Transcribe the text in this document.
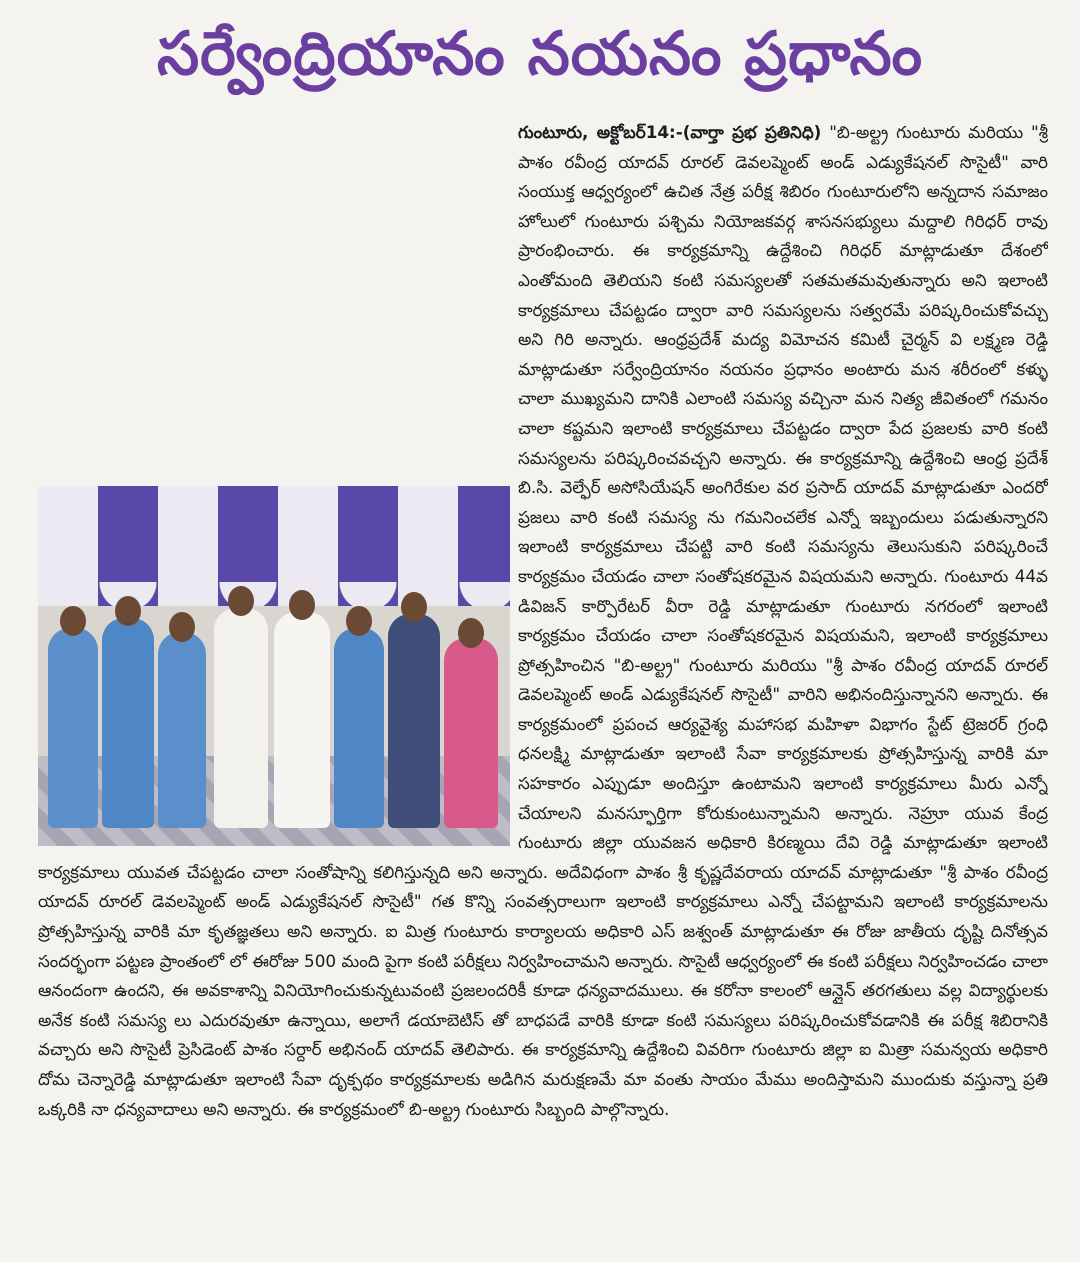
సర్వేంద్రియానం నయనం ప్రధానం
గుంటూరు, అక్టోబర్14:-(వార్తా ప్రభ ప్రతినిధి) "బి-అల్ట్ర గుంటూరు మరియు "శ్రీ పాశం రవీంద్ర యాదవ్ రూరల్ డెవలప్మెంట్ అండ్ ఎడ్యుకేషనల్ సొసైటీ" వారి సంయుక్త ఆధ్వర్యంలో ఉచిత నేత్ర పరీక్ష శిబిరం గుంటూరులోని అన్నదాన సమాజం హోలులో గుంటూరు పశ్చిమ నియోజకవర్గ శాసనసభ్యులు మద్దాలి గిరిధర్ రావు ప్రారంభించారు. ఈ కార్యక్రమాన్ని ఉద్దేశించి గిరిధర్ మాట్లాడుతూ దేశంలో ఎంతోమంది తెలియని కంటి సమస్యలతో సతమతమవుతున్నారు అని ఇలాంటి కార్యక్రమాలు చేపట్టడం ద్వారా వారి సమస్యలను సత్వరమే పరిష్కరించుకోవచ్చు అని గిరి అన్నారు. ఆంధ్రప్రదేశ్ మద్య విమోచన కమిటీ చైర్మన్ వి లక్ష్మణ రెడ్డి మాట్లాడుతూ సర్వేంద్రియానం నయనం ప్రధానం అంటారు మన శరీరంలో కళ్ళు చాలా ముఖ్యమని దానికి ఎలాంటి సమస్య వచ్చినా మన నిత్య జీవితంలో గమనం చాలా కష్టమని ఇలాంటి కార్యక్రమాలు చేపట్టడం ద్వారా పేద ప్రజలకు వారి కంటి సమస్యలను పరిష్కరించవచ్చని అన్నారు. ఈ కార్యక్రమాన్ని ఉద్దేశించి ఆంధ్ర ప్రదేశ్ బి.సి. వెల్ఫేర్ అసోసియేషన్ అంగిరేకుల వర ప్రసాద్ యాదవ్ మాట్లాడుతూ ఎందరో ప్రజలు వారి కంటి సమస్య ను గమనించలేక ఎన్నో ఇబ్బందులు పడుతున్నారని ఇలాంటి కార్యక్రమాలు చేపట్టి వారి కంటి సమస్యను తెలుసుకుని పరిష్కరించే కార్యక్రమం చేయడం చాలా సంతోషకరమైన విషయమని అన్నారు. గుంటూరు 44వ డివిజన్ కార్పొరేటర్ వీరా రెడ్డి మాట్లాడుతూ గుంటూరు నగరంలో ఇలాంటి కార్యక్రమం చేయడం చాలా సంతోషకరమైన విషయమని, ఇలాంటి కార్యక్రమాలు ప్రోత్సహించిన "బి-అల్ట్ర" గుంటూరు మరియు "శ్రీ పాశం రవీంద్ర యాదవ్ రూరల్ డెవలప్మెంట్ అండ్ ఎడ్యుకేషనల్ సొసైటీ" వారిని అభినందిస్తున్నానని అన్నారు. ఈ కార్యక్రమంలో ప్రపంచ ఆర్యవైశ్య మహాసభ మహిళా విభాగం స్టేట్ ట్రెజరర్ గ్రంధి ధనలక్ష్మి మాట్లాడుతూ ఇలాంటి సేవా కార్యక్రమాలకు ప్రోత్సహిస్తున్న వారికి మా సహకారం ఎప్పుడూ అందిస్తూ ఉంటామని ఇలాంటి కార్యక్రమాలు మీరు ఎన్నో చేయాలని మనస్ఫూర్తిగా కోరుకుంటున్నామని అన్నారు. నెహ్రూ యువ కేంద్ర గుంటూరు జిల్లా యువజన అధికారి కిరణ్మయి దేవి రెడ్డి మాట్లాడుతూ ఇలాంటి కార్యక్రమాలు యువత చేపట్టడం చాలా సంతోషాన్ని కలిగిస్తున్నది అని అన్నారు. అదేవిధంగా పాశం శ్రీ కృష్ణదేవరాయ యాదవ్ మాట్లాడుతూ "శ్రీ పాశం రవీంద్ర యాదవ్ రూరల్ డెవలప్మెంట్ అండ్ ఎడ్యుకేషనల్ సొసైటీ" గత కొన్ని సంవత్సరాలుగా ఇలాంటి కార్యక్రమాలు ఎన్నో చేపట్టామని ఇలాంటి కార్యక్రమాలను ప్రోత్సహిస్తున్న వారికి మా కృతజ్ఞతలు అని అన్నారు. ఐ మిత్ర గుంటూరు కార్యాలయ అధికారి ఎస్ జశ్వంత్ మాట్లాడుతూ ఈ రోజు జాతీయ దృష్టి దినోత్సవ సందర్భంగా పట్టణ ప్రాంతంలో లో ఈరోజు 500 మంది పైగా కంటి పరీక్షలు నిర్వహించామని అన్నారు. సొసైటీ ఆధ్వర్యంలో ఈ కంటి పరీక్షలు నిర్వహించడం చాలా ఆనందంగా ఉందని, ఈ అవకాశాన్ని వినియోగించుకున్నటువంటి ప్రజలందరికీ కూడా ధన్యవాదములు. ఈ కరోనా కాలంలో ఆన్లైన్ తరగతులు వల్ల విద్యార్థులకు అనేక కంటి సమస్య లు ఎదురవుతూ ఉన్నాయి, అలాగే డయాబెటిస్ తో బాధపడే వారికి కూడా కంటి సమస్యలు పరిష్కరించుకోవడానికి ఈ పరీక్ష శిబిరానికి వచ్చారు అని సొసైటీ ప్రెసిడెంట్ పాశం సర్దార్ అభినంద్ యాదవ్ తెలిపారు. ఈ కార్యక్రమాన్ని ఉద్దేశించి వివరిగా గుంటూరు జిల్లా ఐ మిత్రా సమన్వయ అధికారి దోమ చెన్నారెడ్డి మాట్లాడుతూ ఇలాంటి సేవా దృక్పథం కార్యక్రమాలకు అడిగిన మరుక్షణమే మా వంతు సాయం మేము అందిస్తామని ముందుకు వస్తున్నా ప్రతి ఒక్కరికి నా ధన్యవాదాలు అని అన్నారు. ఈ కార్యక్రమంలో బి-అల్ట్ర గుంటూరు సిబ్బంది పాల్గొన్నారు.
